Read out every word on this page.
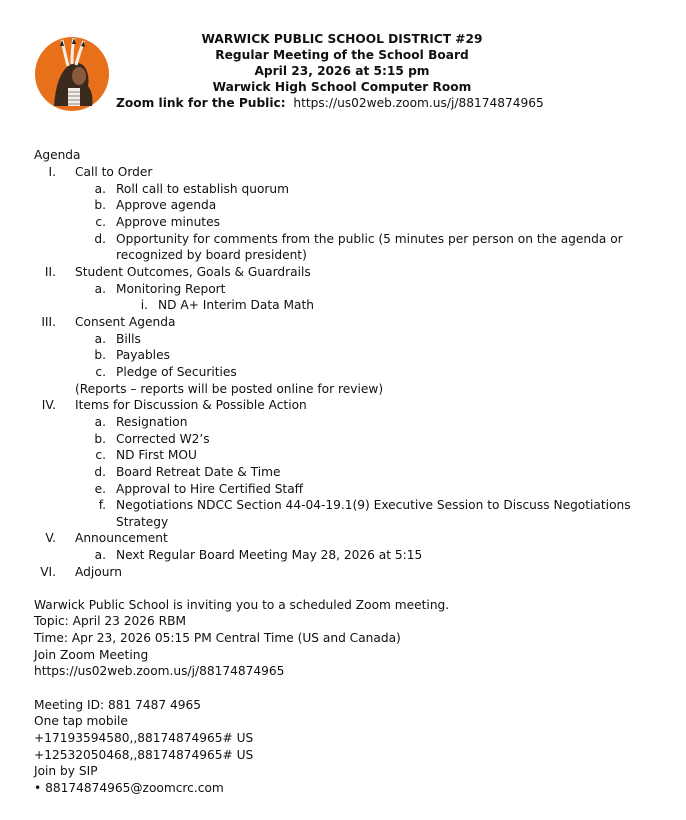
WARWICK PUBLIC SCHOOL DISTRICT #29
Regular Meeting of the School Board
April 23, 2026 at 5:15 pm
Warwick High School Computer Room
Zoom link for the Public: https://us02web.zoom.us/j/88174874965
Agenda
I. Call to Order
a. Roll call to establish quorum
b. Approve agenda
c. Approve minutes
d. Opportunity for comments from the public (5 minutes per person on the agenda or
recognized by board president)
II. Student Outcomes, Goals & Guardrails
a. Monitoring Report
i. ND A+ Interim Data Math
III. Consent Agenda
a. Bills
b. Payables
c. Pledge of Securities
(Reports – reports will be posted online for review)
IV. Items for Discussion & Possible Action
a. Resignation
b. Corrected W2’s
c. ND First MOU
d. Board Retreat Date & Time
e. Approval to Hire Certified Staff
f. Negotiations NDCC Section 44-04-19.1(9) Executive Session to Discuss Negotiations
Strategy
V. Announcement
a. Next Regular Board Meeting May 28, 2026 at 5:15
VI. Adjourn
Warwick Public School is inviting you to a scheduled Zoom meeting.
Topic: April 23 2026 RBM
Time: Apr 23, 2026 05:15 PM Central Time (US and Canada)
Join Zoom Meeting
https://us02web.zoom.us/j/88174874965
Meeting ID: 881 7487 4965
One tap mobile
+17193594580,,88174874965# US
+12532050468,,88174874965# US
Join by SIP
• 88174874965@zoomcrc.com
